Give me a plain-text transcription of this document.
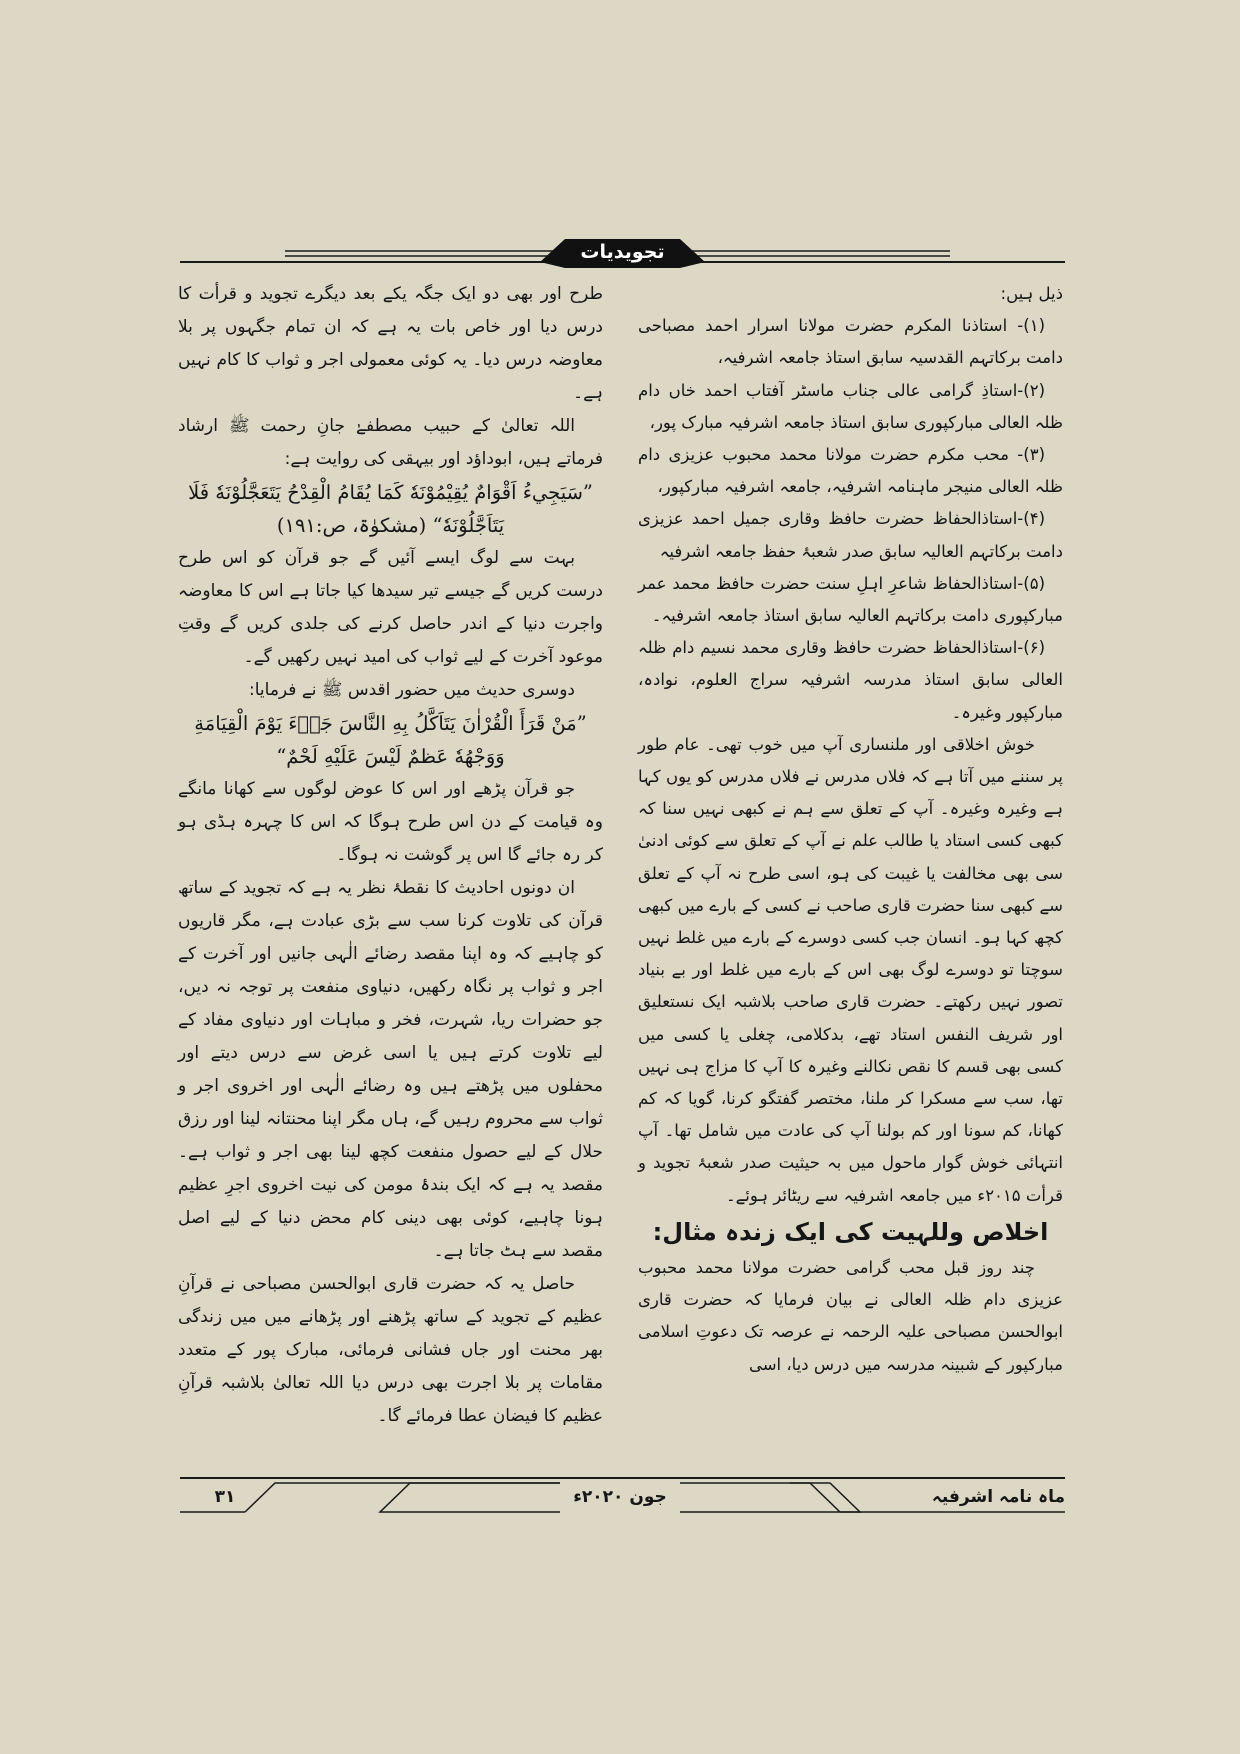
تجویدیات

ذیل ہیں:

(۱)- استاذنا المکرم حضرت مولانا اسرار احمد مصباحی دامت برکاتہم القدسیہ سابق استاذ جامعہ اشرفیہ،

(۲)-استاذِ گرامی عالی جناب ماسٹر آفتاب احمد خاں دام ظلہ العالی مبارکپوری سابق استاذ جامعہ اشرفیہ مبارک پور،

(۳)- محب مکرم حضرت مولانا محمد محبوب عزیزی دام ظلہ العالی منیجر ماہنامہ اشرفیہ، جامعہ اشرفیہ مبارکپور،

(۴)-استاذالحفاظ حضرت حافظ وقاری جمیل احمد عزیزی دامت برکاتہم العالیہ سابق صدر شعبۂ حفظ جامعہ اشرفیہ

(۵)-استاذالحفاظ شاعرِ اہلِ سنت حضرت حافظ محمد عمر مبارکپوری دامت برکاتہم العالیہ سابق استاذ جامعہ اشرفیہ۔

(۶)-استاذالحفاظ حضرت حافظ وقاری محمد نسیم دام ظلہ العالی سابق استاذ مدرسہ اشرفیہ سراج العلوم، نوادہ، مبارکپور وغیرہ۔

خوش اخلاقی اور ملنساری آپ میں خوب تھی۔ عام طور پر سننے میں آتا ہے کہ فلاں مدرس نے فلاں مدرس کو یوں کہا ہے وغیرہ وغیرہ۔ آپ کے تعلق سے ہم نے کبھی نہیں سنا کہ کبھی کسی استاد یا طالب علم نے آپ کے تعلق سے کوئی ادنیٰ سی بھی مخالفت یا غیبت کی ہو، اسی طرح نہ آپ کے تعلق سے کبھی سنا حضرت قاری صاحب نے کسی کے بارے میں کبھی کچھ کہا ہو۔ انسان جب کسی دوسرے کے بارے میں غلط نہیں سوچتا تو دوسرے لوگ بھی اس کے بارے میں غلط اور بے بنیاد تصور نہیں رکھتے۔ حضرت قاری صاحب بلاشبہ ایک نستعلیق اور شریف النفس استاد تھے، بدکلامی، چغلی یا کسی میں کسی بھی قسم کا نقص نکالنے وغیرہ کا آپ کا مزاج ہی نہیں تھا، سب سے مسکرا کر ملنا، مختصر گفتگو کرنا، گویا کہ کم کھانا، کم سونا اور کم بولنا آپ کی عادت میں شامل تھا۔ آپ انتہائی خوش گوار ماحول میں بہ حیثیت صدر شعبۂ تجوید و قرأت ۲۰۱۵ء میں جامعہ اشرفیہ سے ریٹائر ہوئے۔

اخلاص وللہیت کی ایک زندہ مثال:

چند روز قبل محب گرامی حضرت مولانا محمد محبوب عزیزی دام ظلہ العالی نے بیان فرمایا کہ حضرت قاری ابوالحسن مصباحی علیہ الرحمہ نے عرصہ تک دعوتِ اسلامی مبارکپور کے شبینہ مدرسہ میں درس دیا، اسی

طرح اور بھی دو ایک جگہ یکے بعد دیگرے تجوید و قرأت کا درس دیا اور خاص بات یہ ہے کہ ان تمام جگہوں پر بلا معاوضہ درس دیا۔ یہ کوئی معمولی اجر و ثواب کا کام نہیں ہے۔

اللہ تعالیٰ کے حبیب مصطفےٰ جانِ رحمت ﷺ ارشاد فرماتے ہیں، ابوداؤد اور بیہقی کی روایت ہے:

”سَيَجِيءُ اَقْوَامٌ يُقِيْمُوْنَهٗ كَمَا يُقَامُ الْقِدْحُ يَتَعَجَّلُوْنَهٗ فَلَا يَتَاَجَّلُوْنَهٗ“ (مشکوٰۃ، ص:۱۹۱)

بہت سے لوگ ایسے آئیں گے جو قرآن کو اس طرح درست کریں گے جیسے تیر سیدھا کیا جاتا ہے اس کا معاوضہ واجرت دنیا کے اندر حاصل کرنے کی جلدی کریں گے وقتِ موعود آخرت کے لیے ثواب کی امید نہیں رکھیں گے۔

دوسری حدیث میں حضور اقدس ﷺ نے فرمایا:

”مَنْ قَرَأَ الْقُرْاٰنَ يَتَاَكَّلُ بِهِ النَّاسَ جَاۗءَ يَوْمَ الْقِيَامَةِ وَوَجْهُهٗ عَظمٌ لَيْسَ عَلَيْهِ لَحْمٌ“

جو قرآن پڑھے اور اس کا عوض لوگوں سے کھانا مانگے وہ قیامت کے دن اس طرح ہوگا کہ اس کا چہرہ ہڈی ہو کر رہ جائے گا اس پر گوشت نہ ہوگا۔

ان دونوں احادیث کا نقطۂ نظر یہ ہے کہ تجوید کے ساتھ قرآن کی تلاوت کرنا سب سے بڑی عبادت ہے، مگر قاریوں کو چاہیے کہ وہ اپنا مقصد رضائے الٰہی جانیں اور آخرت کے اجر و ثواب پر نگاہ رکھیں، دنیاوی منفعت پر توجہ نہ دیں، جو حضرات ریا، شہرت، فخر و مباہات اور دنیاوی مفاد کے لیے تلاوت کرتے ہیں یا اسی غرض سے درس دیتے اور محفلوں میں پڑھتے ہیں وہ رضائے الٰہی اور اخروی اجر و ثواب سے محروم رہیں گے، ہاں مگر اپنا محنتانہ لینا اور رزق حلال کے لیے حصول منفعت کچھ لینا بھی اجر و ثواب ہے۔ مقصد یہ ہے کہ ایک بندۂ مومن کی نیت اخروی اجرِ عظیم ہونا چاہیے، کوئی بھی دینی کام محض دنیا کے لیے اصل مقصد سے ہٹ جاتا ہے۔

حاصل یہ کہ حضرت قاری ابوالحسن مصباحی نے قرآنِ عظیم کے تجوید کے ساتھ پڑھنے اور پڑھانے میں میں زندگی بھر محنت اور جاں فشانی فرمائی، مبارک پور کے متعدد مقامات پر بلا اجرت بھی درس دیا اللہ تعالیٰ بلاشبہ قرآنِ عظیم کا فیضان عطا فرمائے گا۔

۳۱	جون ۲۰۲۰ء	ماہ نامہ اشرفیہ
